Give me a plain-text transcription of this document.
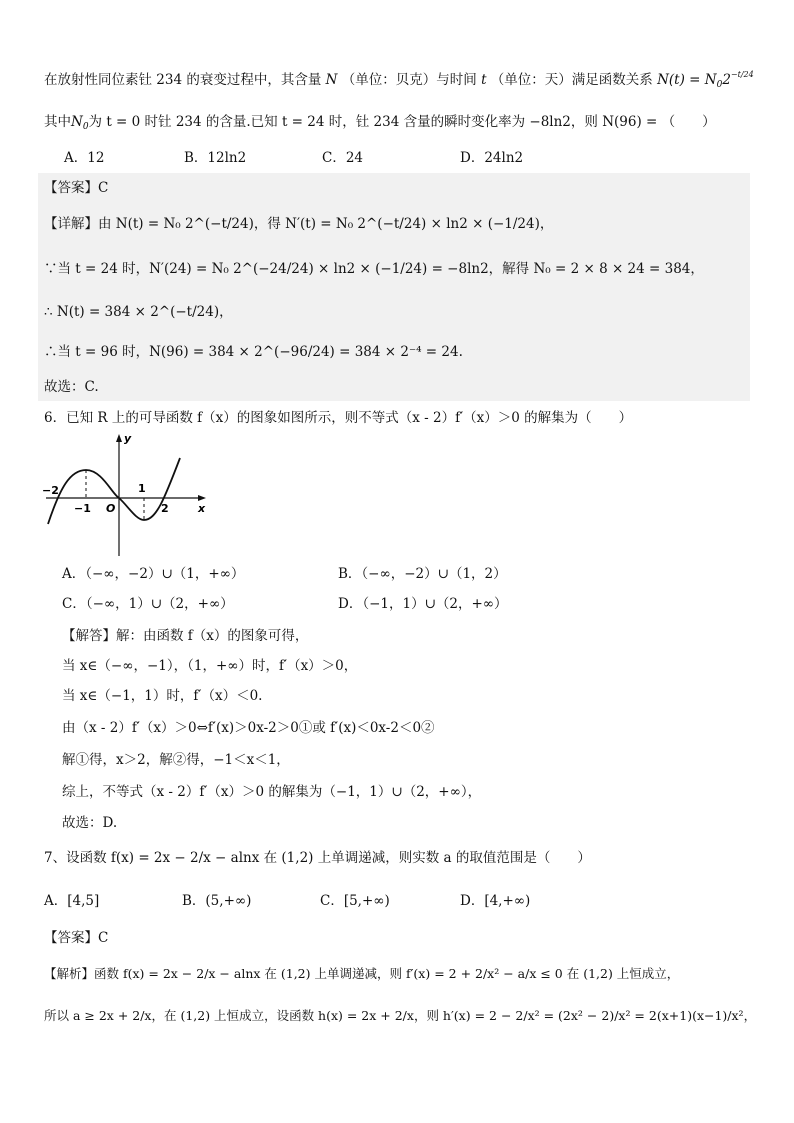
在放射性同位素钍 234 的衰变过程中，其含量 N （单位：贝克）与时间 t （单位：天）满足函数关系 $N(t) = N_02^{-t/24}$
其中$N_0$为 t = 0 时钍 234 的含量.已知 t = 24 时，钍 234 含量的瞬时变化率为 −8ln2，则 N(96) = （　　）
A．12	B．12ln2	C．24	D．24ln2
【答案】C
【详解】由 N(t) = N₀ 2^(−t/24)，得 N′(t) = N₀ 2^(−t/24) × ln2 × (−1/24)，
∵当 t = 24 时，N′(24) = N₀ 2^(−24/24) × ln2 × (−1/24) = −8ln2，解得 N₀ = 2 × 8 × 24 = 384，
∴ N(t) = 384 × 2^(−t/24)，
∴当 t = 96 时，N(96) = 384 × 2^(−96/24) = 384 × 2⁻⁴ = 24.
故选：C.
6．已知 R 上的可导函数 f（x）的图象如图所示，则不等式（x - 2）f′（x）＞0 的解集为（　　）
y
x
−2
−1 O
1
2
A．（−∞，−2）∪（1，+∞）	B．（−∞，−2）∪（1，2）
C．（−∞，1）∪（2，+∞）	D．（−1，1）∪（2，+∞）
【解答】解：由函数 f（x）的图象可得，
当 x∈（−∞，−1），（1，+∞）时，f′（x）＞0，
当 x∈（−1，1）时，f′（x）＜0.
由（x - 2）f′（x）＞0⇔f′(x)＞0x-2＞0①或 f′(x)＜0x-2＜0②
解①得，x＞2，解②得，−1＜x＜1，
综上，不等式（x - 2）f′（x）＞0 的解集为（−1，1）∪（2，+∞），
故选：D.
7、设函数 f(x) = 2x − 2/x − alnx 在 (1,2) 上单调递减，则实数 a 的取值范围是（　　）
A．[4,5]	B．(5,+∞)	C．[5,+∞)	D．[4,+∞)
【答案】C
【解析】函数 f(x) = 2x − 2/x − alnx 在 (1,2) 上单调递减，则 f′(x) = 2 + 2/x² − a/x ≤ 0 在 (1,2) 上恒成立，
所以 a ≥ 2x + 2/x，在 (1,2) 上恒成立，设函数 h(x) = 2x + 2/x，则 h′(x) = 2 − 2/x² = (2x² − 2)/x² = 2(x+1)(x−1)/x²，
